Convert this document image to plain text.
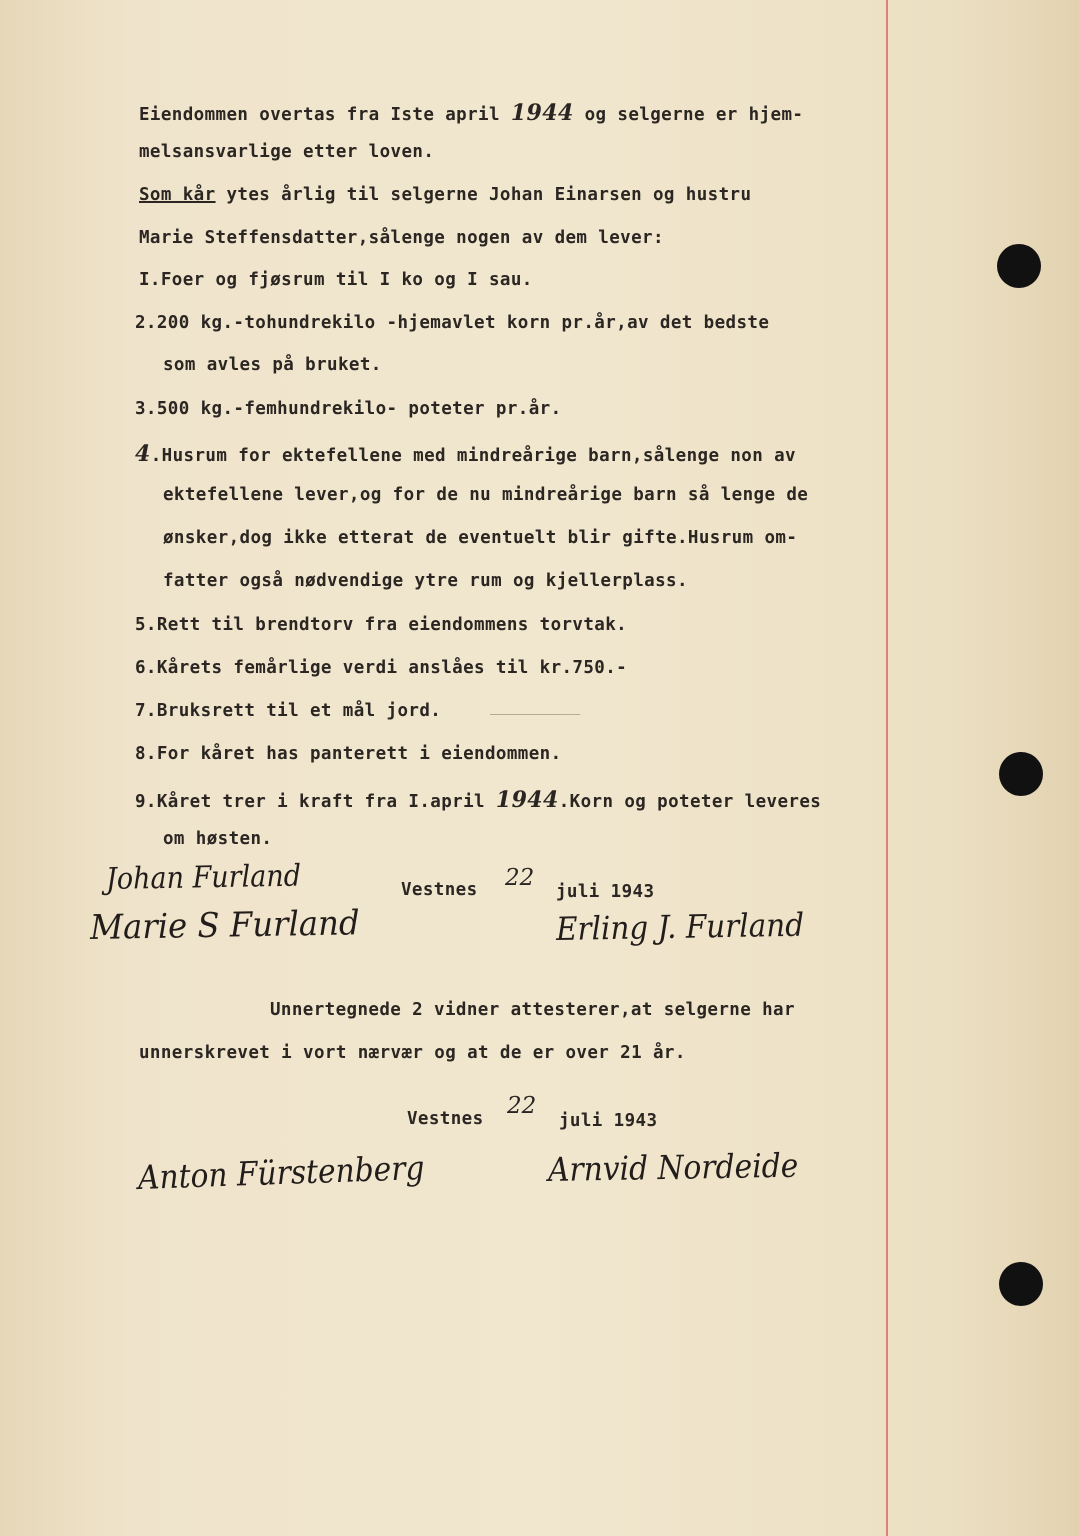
Eiendommen overtas fra Iste april 1944 og selgerne er hjem-

melsansvarlige etter loven.

Som kår ytes årlig til selgerne Johan Einarsen og hustru

Marie Steffensdatter,sålenge nogen av dem lever:

I.Foer og fjøsrum til I ko og I sau.

2.200 kg.-tohundrekilo -hjemavlet korn pr.år,av det bedste

som avles på bruket.

3.500 kg.-femhundrekilo- poteter pr.år.

4.Husrum for ektefellene med mindreårige barn,sålenge non av

ektefellene lever,og for de nu mindreårige barn så lenge de

ønsker,dog ikke etterat de eventuelt blir gifte.Husrum om-

fatter også nødvendige ytre rum og kjellerplass.

5.Rett til brendtorv fra eiendommens torvtak.

6.Kårets femårlige verdi anslåes til kr.750.-

7.Bruksrett til et mål jord.

8.For kåret has panterett i eiendommen.

9.Kåret trer i kraft fra I.april 1944.Korn og poteter leveres

om høsten.

Johan Furland	Vestnes 22

juli 1943

Marie S Furland	Erling J. Furland

Unnertegnede 2 vidner attesterer,at selgerne har

unnerskrevet i vort nærvær og at de er over 21 år.

Vestnes 22

juli 1943

Anton Fürstenberg	Arnvid Nordeide
